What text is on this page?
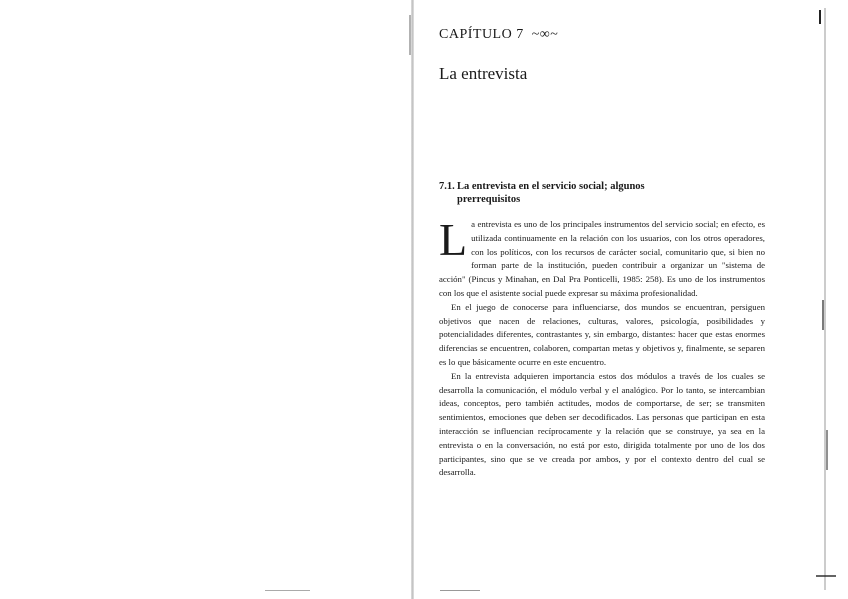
CAPÍTULO 7 ~∞~
La entrevista
7.1. La entrevista en el servicio social; algunos
prerrequisitos

La entrevista es uno de los principales instrumentos del servicio social; en efecto, es utilizada continuamente en la relación con los usuarios, con los otros operadores, con los políticos, con los recursos de carácter social, comunitario que, si bien no forman parte de la institución, pueden contribuir a organizar un "sistema de acción" (Pincus y Minahan, en Dal Pra Ponticelli, 1985: 258). Es uno de los instrumentos con los que el asistente social puede expresar su máxima profesionalidad.

En el juego de conocerse para influenciarse, dos mundos se encuentran, persiguen objetivos que nacen de relaciones, culturas, valores, psicología, posibilidades y potencialidades diferentes, contrastantes y, sin embargo, distantes: hacer que estas enormes diferencias se encuentren, colaboren, compartan metas y objetivos y, finalmente, se separen es lo que básicamente ocurre en este encuentro.

En la entrevista adquieren importancia estos dos módulos a través de los cuales se desarrolla la comunicación, el módulo verbal y el analógico. Por lo tanto, se intercambian ideas, conceptos, pero también actitudes, modos de comportarse, de ser; se transmiten sentimientos, emociones que deben ser decodificados. Las personas que participan en esta interacción se influencian recíprocamente y la relación que se construye, ya sea en la entrevista o en la conversación, no está por esto, dirigida totalmente por uno de los dos participantes, sino que se ve creada por ambos, y por el contexto dentro del cual se desarrolla.
